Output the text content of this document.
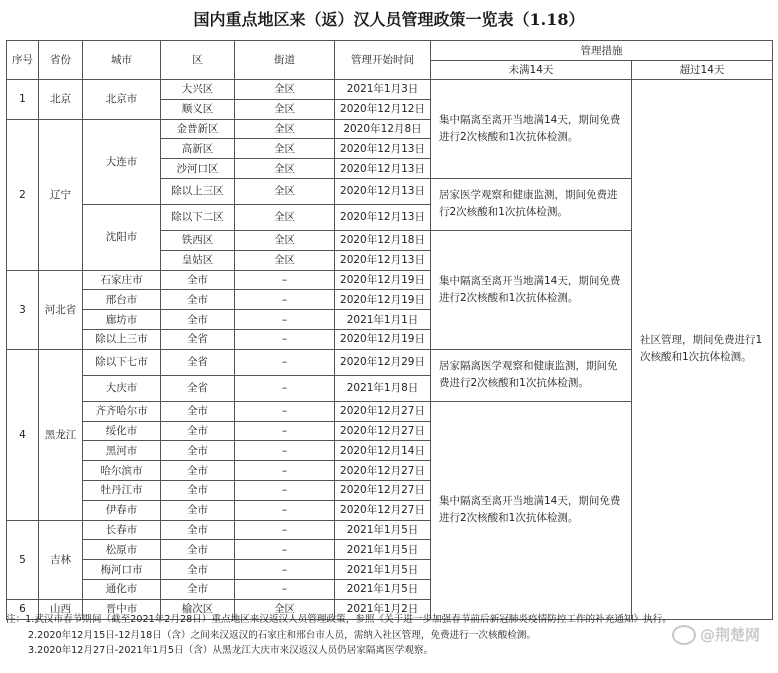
国内重点地区来（返）汉人员管理政策一览表（1.18）
序号	省份	城市	区	街道	管理开始时间	管理措施	
						未满14天	超过14天
1	北京	北京市	大兴区	全区	2021年1月3日	集中隔离至离开当地满14天，期间免费进行2次核酸和1次抗体检测。	社区管理，期间免费进行1次核酸和1次抗体检测。
			顺义区	全区	2020年12月12日		
2	辽宁	大连市	金普新区	全区	2020年12月8日		
			高新区	全区	2020年12月13日		
			沙河口区	全区	2020年12月13日		
			除以上三区	全区	2020年12月13日	居家医学观察和健康监测，期间免费进行2次核酸和1次抗体检测。	
		沈阳市	除以下二区	全区	2020年12月13日		
			铁西区	全区	2020年12月18日	集中隔离至离开当地满14天，期间免费进行2次核酸和1次抗体检测。	
			皇姑区	全区	2020年12月13日		
3	河北省	石家庄市	全市	–	2020年12月19日		
		邢台市	全市	–	2020年12月19日		
		廊坊市	全市	–	2021年1月1日		
		除以上三市	全省	–	2020年12月19日		
4	黑龙江	除以下七市	全省	–	2020年12月29日	居家隔离医学观察和健康监测，期间免费进行2次核酸和1次抗体检测。	
		大庆市	全省	–	2021年1月8日		
		齐齐哈尔市	全市	–	2020年12月27日	集中隔离至离开当地满14天，期间免费进行2次核酸和1次抗体检测。	
		绥化市	全市	–	2020年12月27日		
		黑河市	全市	–	2020年12月14日		
		哈尔滨市	全市	–	2020年12月27日		
		牡丹江市	全市	–	2020年12月27日		
		伊春市	全市	–	2020年12月27日		
5	吉林	长春市	全市	–	2021年1月5日		
		松原市	全市	–	2021年1月5日		
		梅河口市	全市	–	2021年1月5日		
		通化市	全市	–	2021年1月5日		
6	山西	晋中市	榆次区	全区	2021年1月2日		
注：1.武汉市春节期间（截至2021年2月28日）重点地区来汉返汉人员管理政策，参照《关于进一步加强春节前后新冠肺炎疫情防控工作的补充通知》执行。
2.2020年12月15日-12月18日（含）之间来汉返汉的石家庄和邢台市人员，需纳入社区管理，免费进行一次核酸检测。
3.2020年12月27日-2021年1月5日（含）从黑龙江大庆市来汉返汉人员仍居家隔离医学观察。
@荆楚网
